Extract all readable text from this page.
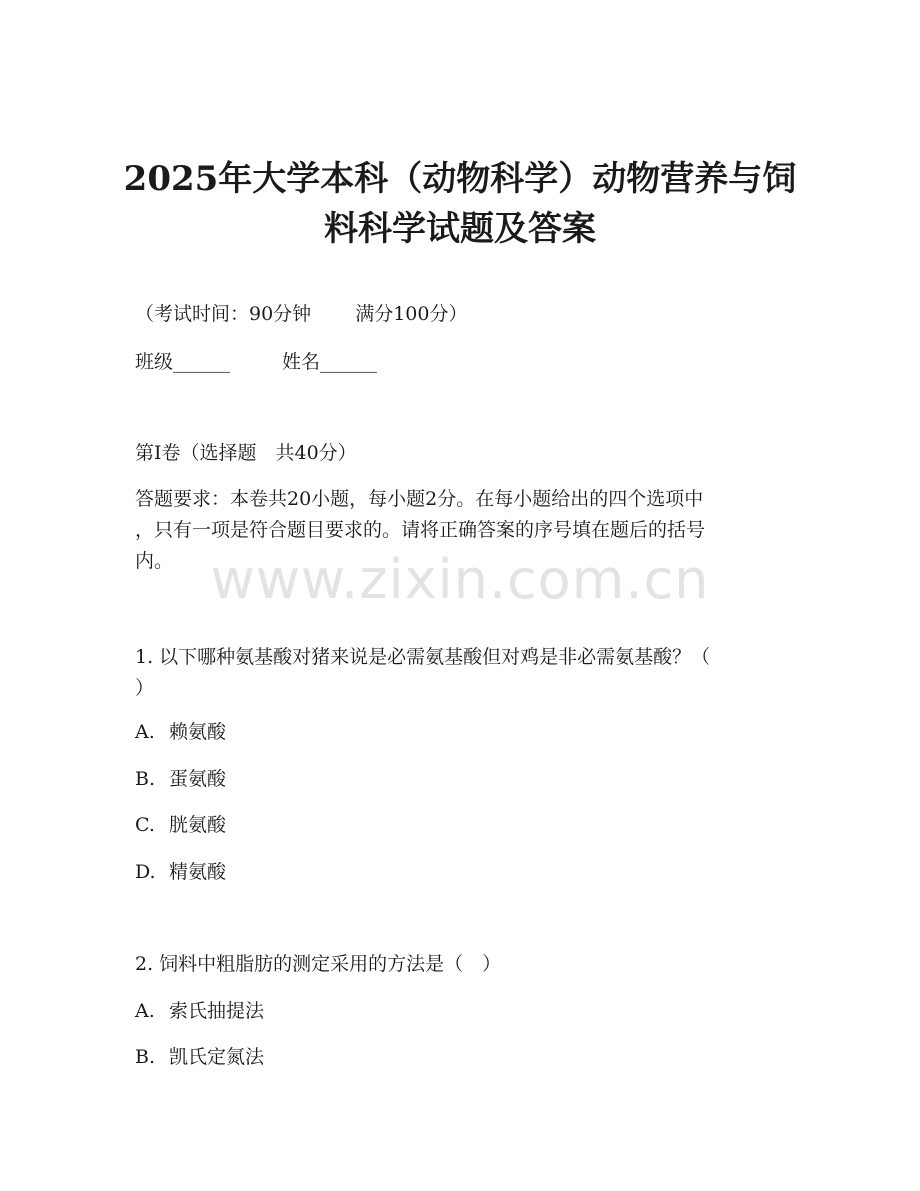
2025年大学本科（动物科学）动物营养与饲
料科学试题及答案
（考试时间：90分钟 满分100分）
班级______	姓名______
第I卷（选择题　共40分）
答题要求：本卷共20小题，每小题2分。在每小题给出的四个选项中
，只有一项是符合题目要求的。请将正确答案的序号填在题后的括号
内。 www.zixin.com.cn
1. 以下哪种氨基酸对猪来说是必需氨基酸但对鸡是非必需氨基酸？（
）
A. 赖氨酸
B. 蛋氨酸
C. 胱氨酸
D. 精氨酸
2. 饲料中粗脂肪的测定采用的方法是（　）
A. 索氏抽提法
B. 凯氏定氮法
